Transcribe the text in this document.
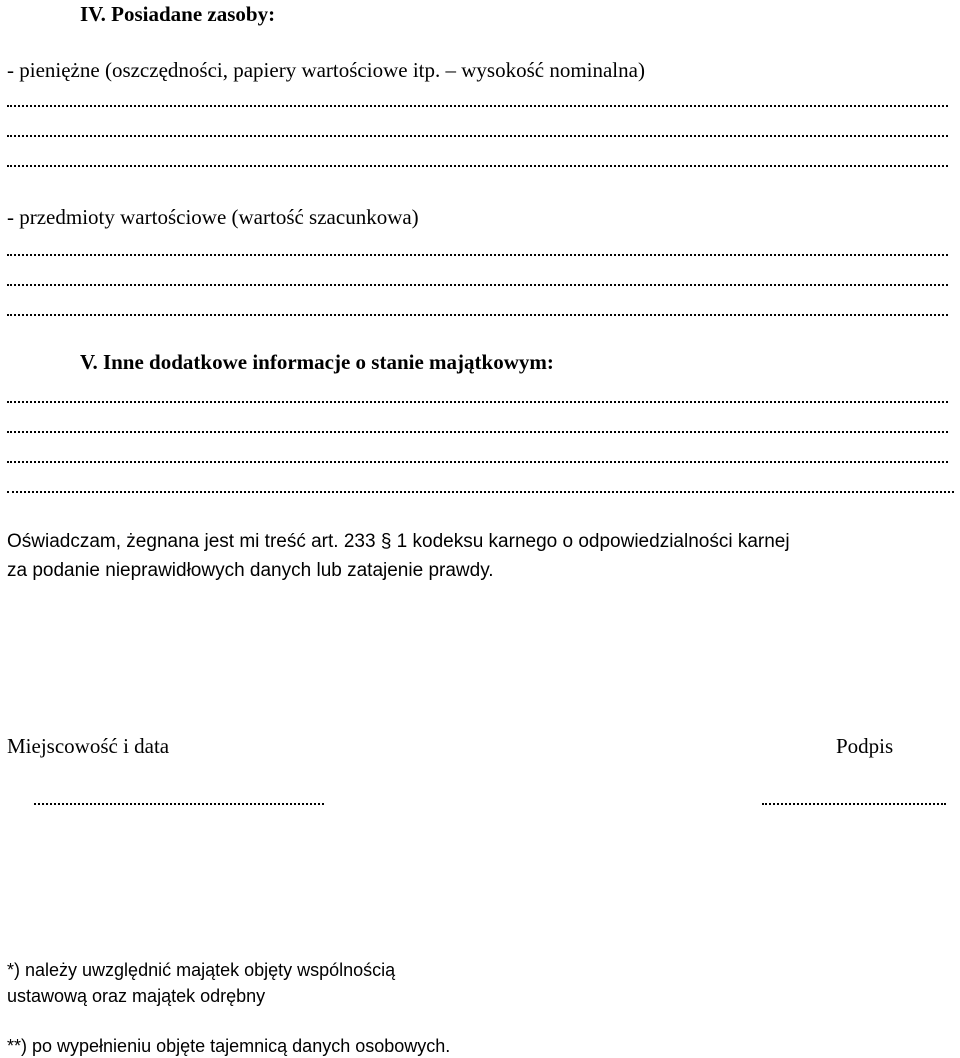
IV. Posiadane zasoby:
- pieniężne (oszczędności, papiery wartościowe itp. – wysokość nominalna)
- przedmioty wartościowe (wartość szacunkowa)
V. Inne dodatkowe informacje o stanie majątkowym:
Oświadczam, żegnana jest mi treść art. 233 § 1 kodeksu karnego o odpowiedzialności karnej
za podanie nieprawidłowych danych lub zatajenie prawdy.
Miejscowość i data	Podpis
*) należy uwzględnić majątek objęty wspólnością
ustawową oraz majątek odrębny
**) po wypełnieniu objęte tajemnicą danych osobowych.
